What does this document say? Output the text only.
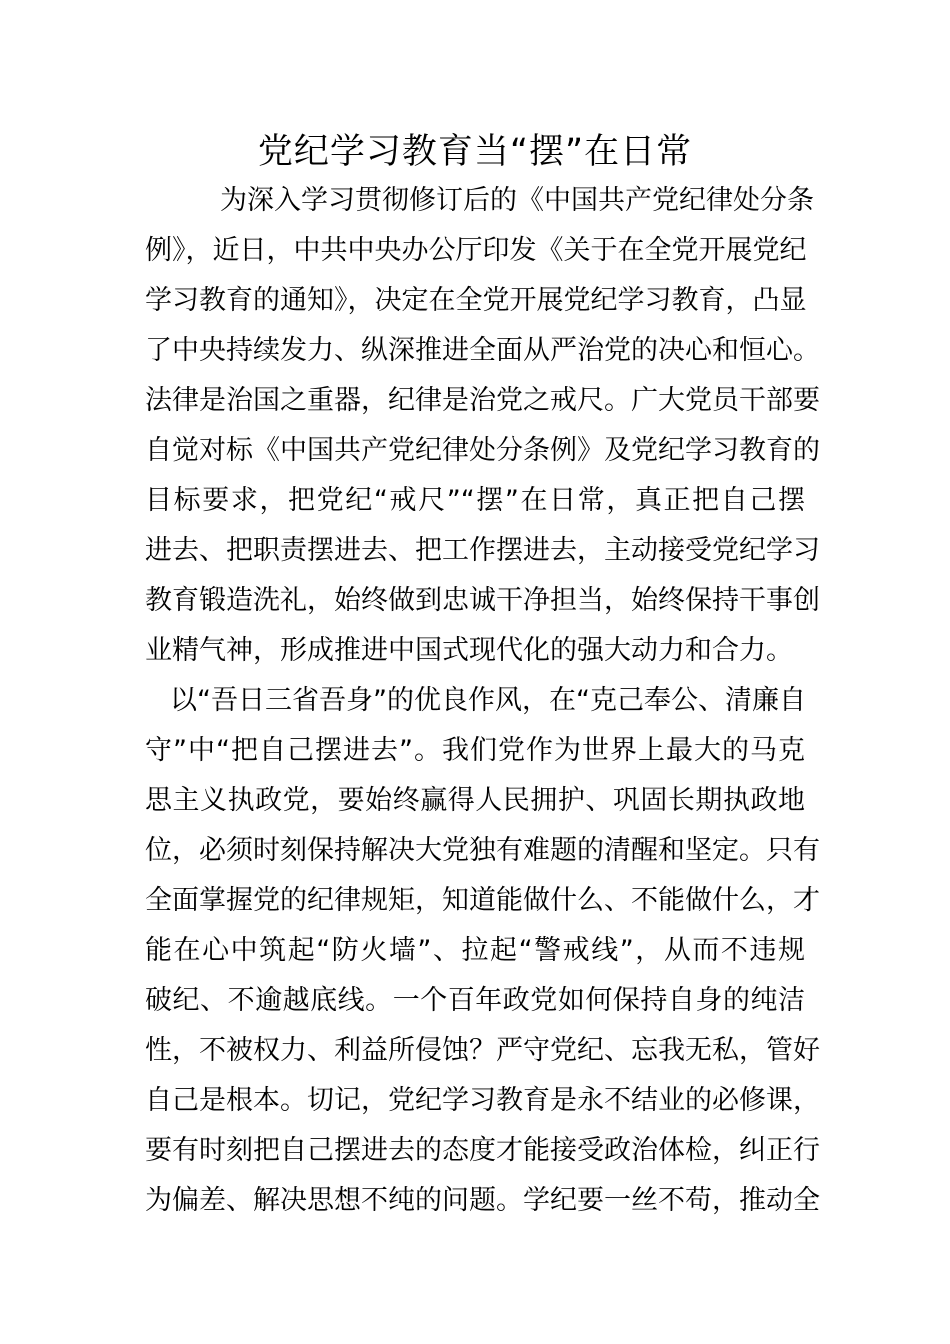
党纪学习教育当“摆”在日常
为深入学习贯彻修订后的《中国共产党纪律处分条
例》，近日，中共中央办公厅印发《关于在全党开展党纪
学习教育的通知》，决定在全党开展党纪学习教育，凸显
了中央持续发力、纵深推进全面从严治党的决心和恒心。
法律是治国之重器，纪律是治党之戒尺。广大党员干部要
自觉对标《中国共产党纪律处分条例》及党纪学习教育的
目标要求，把党纪“戒尺”“摆”在日常，真正把自己摆
进去、把职责摆进去、把工作摆进去，主动接受党纪学习
教育锻造洗礼，始终做到忠诚干净担当，始终保持干事创
业精气神，形成推进中国式现代化的强大动力和合力。
以“吾日三省吾身”的优良作风，在“克己奉公、清廉自
守”中“把自己摆进去”。我们党作为世界上最大的马克
思主义执政党，要始终赢得人民拥护、巩固长期执政地
位，必须时刻保持解决大党独有难题的清醒和坚定。只有
全面掌握党的纪律规矩，知道能做什么、不能做什么，才
能在心中筑起“防火墙”、拉起“警戒线”，从而不违规
破纪、不逾越底线。一个百年政党如何保持自身的纯洁
性，不被权力、利益所侵蚀？严守党纪、忘我无私，管好
自己是根本。切记，党纪学习教育是永不结业的必修课，
要有时刻把自己摆进去的态度才能接受政治体检，纠正行
为偏差、解决思想不纯的问题。学纪要一丝不苟，推动全
